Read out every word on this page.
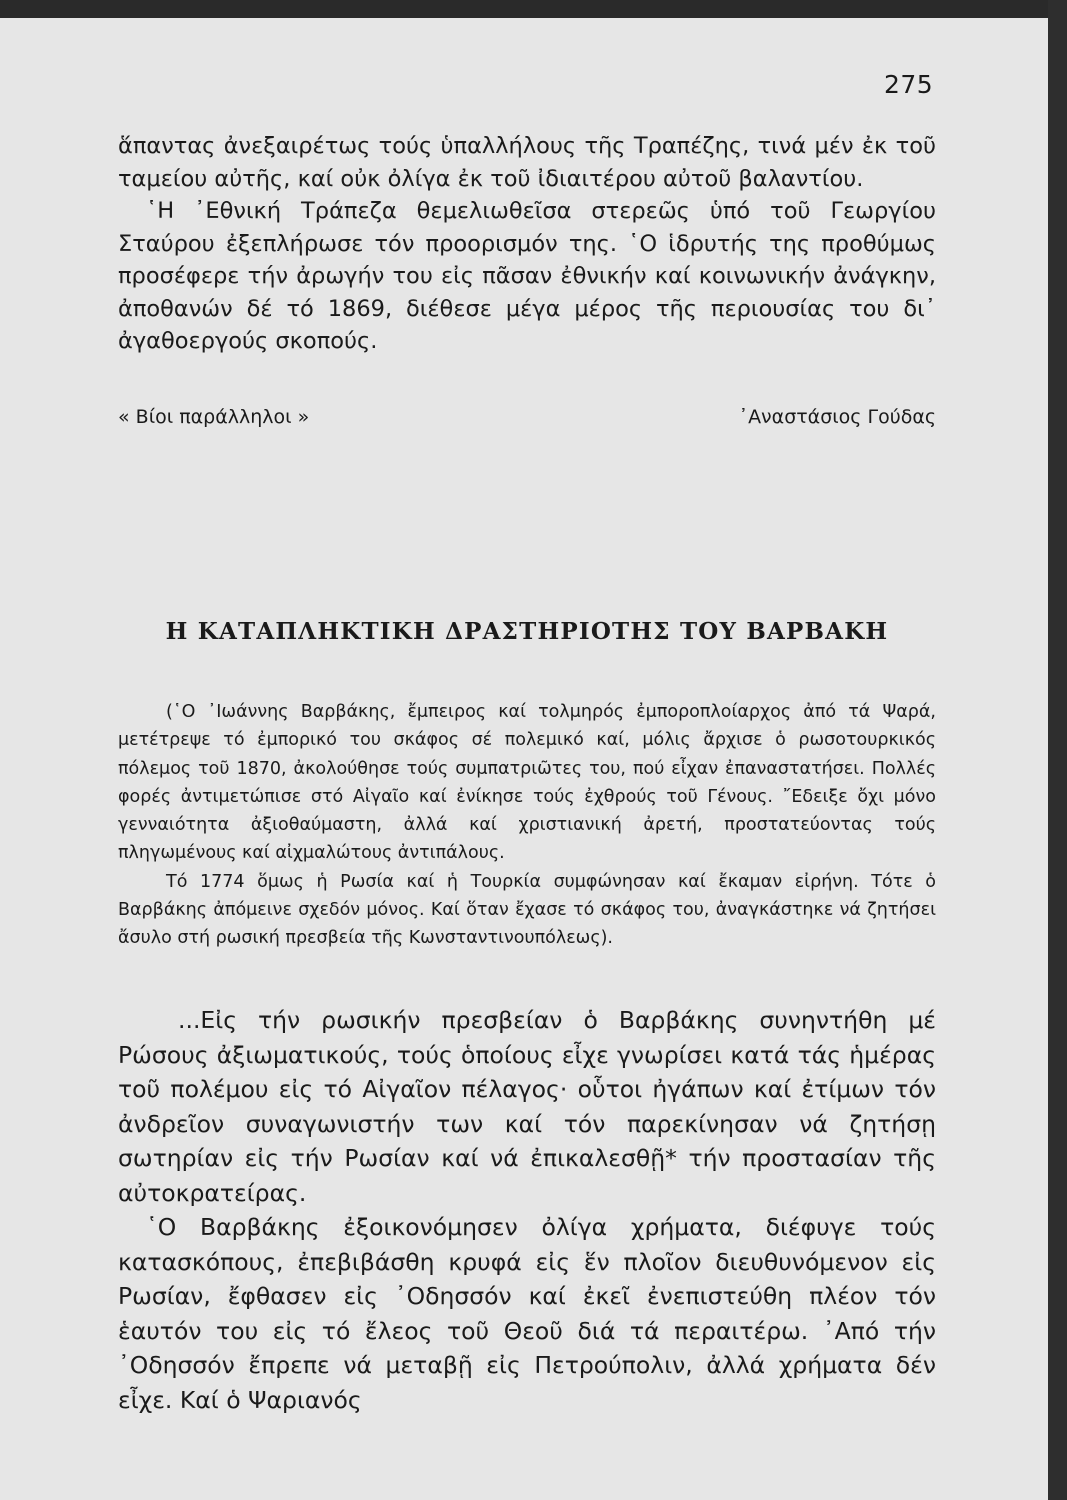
275

ἅπαντας ἀνεξαιρέτως τούς ὑπαλλήλους τῆς Τραπέζης, τινά μέν ἐκ τοῦ ταμείου αὐτῆς, καί οὐκ ὀλίγα ἐκ τοῦ ἰδιαιτέρου αὐτοῦ βαλαντίου.

῾Η ᾿Εθνική Τράπεζα θεμελιωθεῖσα στερεῶς ὑπό τοῦ Γεωργίου Σταύρου ἐξεπλήρωσε τόν προορισμόν της. ῾Ο ἱδρυτής της προθύμως προσέφερε τήν ἀρωγήν του εἰς πᾶσαν ἐθνικήν καί κοινωνικήν ἀνάγκην, ἀποθανών δέ τό 1869, διέθεσε μέγα μέρος τῆς περιουσίας του δι᾿ ἀγαθοεργούς σκοπούς.

« Βίοι παράλληλοι »	᾿Αναστάσιος Γούδας
Η ΚΑΤΑΠΛΗΚΤΙΚΗ ΔΡΑΣΤΗΡΙΟΤΗΣ ΤΟΥ ΒΑΡΒΑΚΗ

(῾Ο ᾿Ιωάννης Βαρβάκης, ἔμπειρος καί τολμηρός ἐμποροπλοίαρχος ἀπό τά Ψαρά, μετέτρεψε τό ἐμπορικό του σκάφος σέ πολεμικό καί, μόλις ἄρχισε ὁ ρωσοτουρκικός πόλεμος τοῦ 1870, ἀκολούθησε τούς συμπατριῶτες του, πού εἶχαν ἐπαναστατήσει. Πολλές φορές ἀντιμετώπισε στό Αἰγαῖο καί ἐνίκησε τούς ἐχθρούς τοῦ Γένους. ῎Εδειξε ὄχι μόνο γενναιότητα ἀξιοθαύμαστη, ἀλλά καί χριστιανική ἀρετή, προστατεύοντας τούς πληγωμένους καί αἰχμαλώτους ἀντιπάλους.

Τό 1774 ὅμως ἡ Ρωσία καί ἡ Τουρκία συμφώνησαν καί ἔκαμαν εἰρήνη. Τότε ὁ Βαρβάκης ἀπόμεινε σχεδόν μόνος. Καί ὅταν ἔχασε τό σκάφος του, ἀναγκάστηκε νά ζητήσει ἄσυλο στή ρωσική πρεσβεία τῆς Κωνσταντινουπόλεως).

...Εἰς τήν ρωσικήν πρεσβείαν ὁ Βαρβάκης συνηντήθη μέ Ρώσους ἀξιωματικούς, τούς ὁποίους εἶχε γνωρίσει κατά τάς ἡμέρας τοῦ πολέμου εἰς τό Αἰγαῖον πέλαγος· οὗτοι ἠγάπων καί ἐτίμων τόν ἀνδρεῖον συναγωνιστήν των καί τόν παρεκίνησαν νά ζητήσῃ σωτηρίαν εἰς τήν Ρωσίαν καί νά ἐπικαλεσθῇ* τήν προστασίαν τῆς αὐτοκρατείρας.

῾Ο Βαρβάκης ἐξοικονόμησεν ὀλίγα χρήματα, διέφυγε τούς κατασκόπους, ἐπεβιβάσθη κρυφά εἰς ἕν πλοῖον διευθυνόμενον εἰς Ρωσίαν, ἔφθασεν εἰς ᾿Οδησσόν καί ἐκεῖ ἐνεπιστεύθη πλέον τόν ἑαυτόν του εἰς τό ἔλεος τοῦ Θεοῦ διά τά περαιτέρω. ᾿Από τήν ᾿Οδησσόν ἔπρεπε νά μεταβῇ εἰς Πετρούπολιν, ἀλλά χρήματα δέν εἶχε. Καί ὁ Ψαριανός
